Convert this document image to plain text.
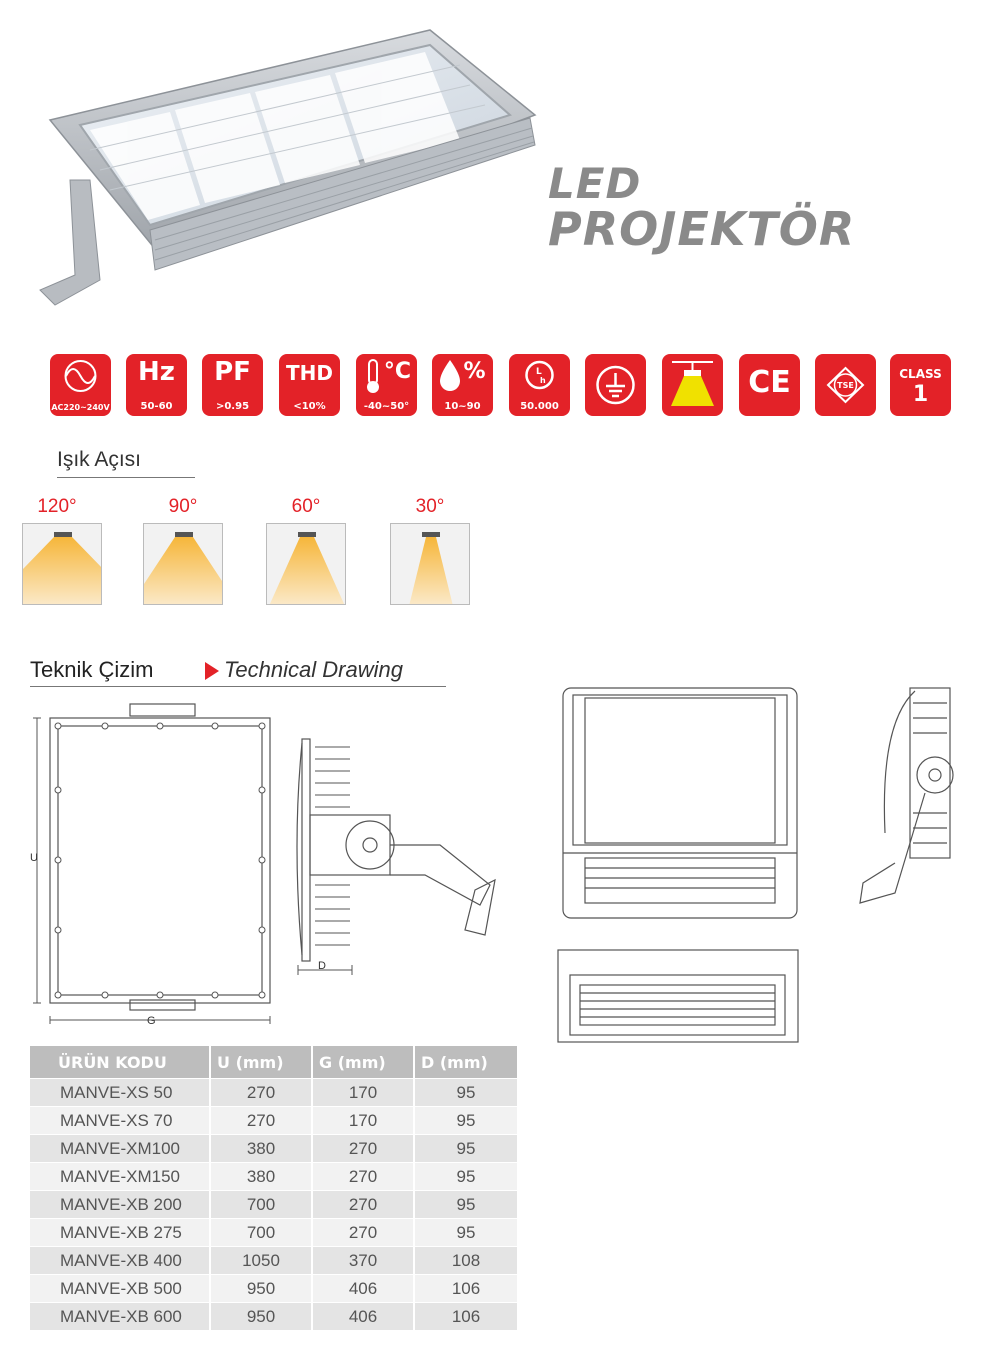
LED
PROJEKTÖR
AC220~240V
Hz
50-60
PF
>0.95
THD
<10%
°C
-40~50°
%
10~90
L
h
50.000
CE	TSE
CLASS
1
Işık Açısı
120°	90°	60°	30°
Teknik Çizim	Technical Drawing
U
G
D
ÜRÜN KODU	U (mm)	G (mm)	D (mm)
MANVE-XS 50	270	170	95
MANVE-XS 70	270	170	95
MANVE-XM100	380	270	95
MANVE-XM150	380	270	95
MANVE-XB 200	700	270	95
MANVE-XB 275	700	270	95
MANVE-XB 400	1050	370	108
MANVE-XB 500	950	406	106
MANVE-XB 600	950	406	106
